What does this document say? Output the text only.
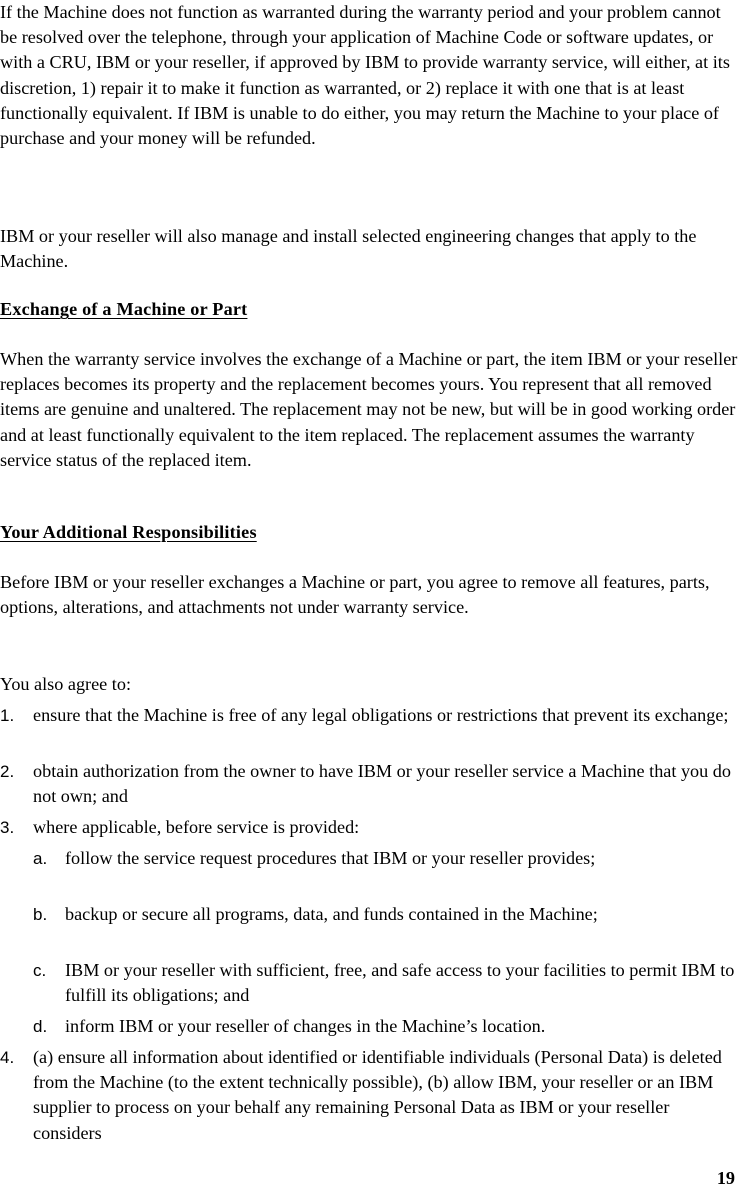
If the Machine does not function as warranted during the warranty period and your problem cannot be resolved over the telephone, through your application of Machine Code or software updates, or with a CRU, IBM or your reseller, if approved by IBM to provide warranty service, will either, at its discretion, 1) repair it to make it function as warranted, or 2) replace it with one that is at least functionally equivalent. If IBM is unable to do either, you may return the Machine to your place of purchase and your money will be refunded.

IBM or your reseller will also manage and install selected engineering changes that apply to the Machine.

Exchange of a Machine or Part

When the warranty service involves the exchange of a Machine or part, the item IBM or your reseller replaces becomes its property and the replacement becomes yours. You represent that all removed items are genuine and unaltered. The replacement may not be new, but will be in good working order and at least functionally equivalent to the item replaced. The replacement assumes the warranty service status of the replaced item.

Your Additional Responsibilities

Before IBM or your reseller exchanges a Machine or part, you agree to remove all features, parts, options, alterations, and attachments not under warranty service.

You also agree to:

1. ensure that the Machine is free of any legal obligations or restrictions that prevent its exchange;
2. obtain authorization from the owner to have IBM or your reseller service a Machine that you do not own; and
3. where applicable, before service is provided:
a. follow the service request procedures that IBM or your reseller provides;
b. backup or secure all programs, data, and funds contained in the Machine;
c. IBM or your reseller with sufficient, free, and safe access to your facilities to permit IBM to fulfill its obligations; and
d. inform IBM or your reseller of changes in the Machine’s location.
4. (a) ensure all information about identified or identifiable individuals (Personal Data) is deleted from the Machine (to the extent technically possible), (b) allow IBM, your reseller or an IBM supplier to process on your behalf any remaining Personal Data as IBM or your reseller considers
19
